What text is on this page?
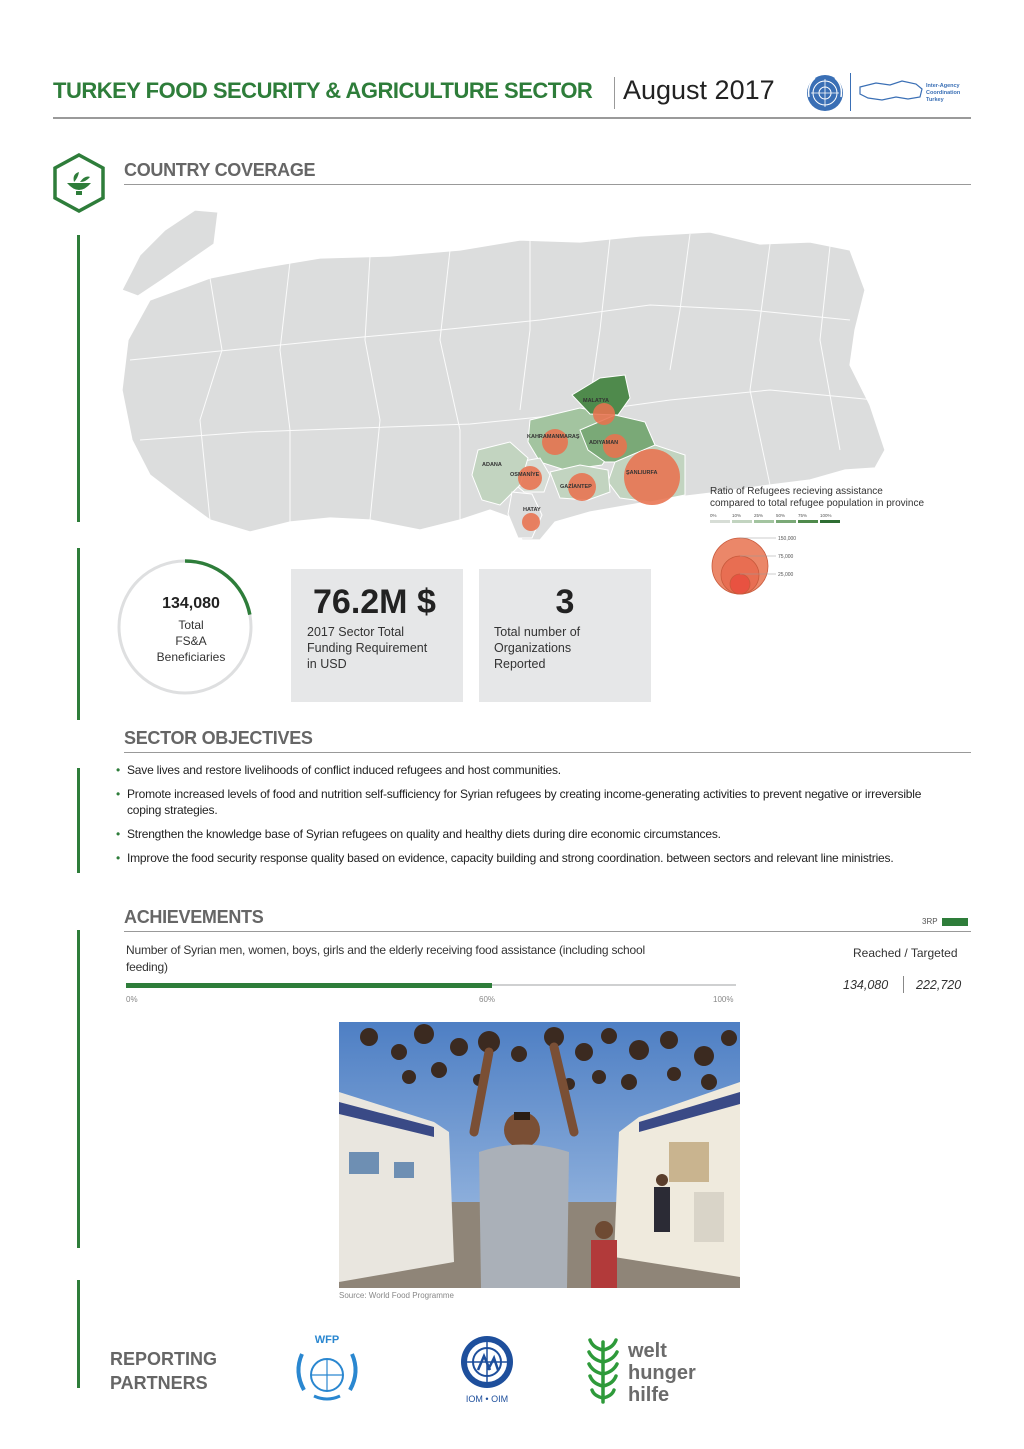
TURKEY FOOD SECURITY & AGRICULTURE SECTOR August 2017	Inter-Agency
Coordination
Turkey
COUNTRY COVERAGE
MALATYA
KAHRAMANMARAŞ
ADIYAMAN
ADANA
OSMANİYE
GAZİANTEP
ŞANLIURFA
HATAY
Ratio of Refugees recieving assistance
compared to total refugee population in province
0%	10%	25%	50%	75%	100%
150,000
75,000
25,000
134,080
Total
FS&A
Beneficiaries
76.2M $
2017 Sector Total
Funding Requirement
in USD
3
Total number of
Organizations
Reported
SECTOR OBJECTIVES
• Save lives and restore livelihoods of conflict induced refugees and host communities.
• Promote increased levels of food and nutrition self-sufficiency for Syrian refugees by creating income-generating activities to prevent negative or irreversible coping strategies.
• Strengthen the knowledge base of Syrian refugees on quality and healthy diets during dire economic circumstances.
• Improve the food security response quality based on evidence, capacity building and strong coordination. between sectors and relevant line ministries.
ACHIEVEMENTS	3RP
Number of Syrian men, women, boys, girls and the elderly receiving food assistance (including school feeding)
0%	60%	100%
Reached / Targeted
134,080 222,720
Source: World Food Programme
REPORTING
PARTNERS
WFP
IOM • OIM
welt
hunger
hilfe
